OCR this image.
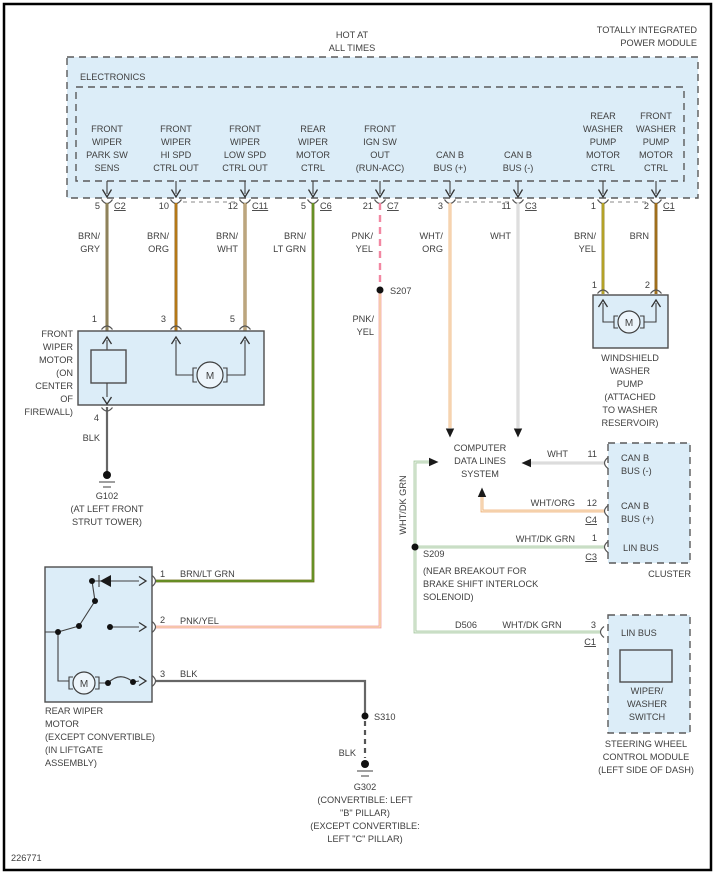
226771
HOT AT
ALL TIMES
TOTALLY INTEGRATED
POWER MODULE
ELECTRONICS
FRONT
WIPER
PARK SW
SENS
FRONT
WIPER
HI SPD
CTRL OUT
FRONT
WIPER
LOW SPD
CTRL OUT
REAR
WIPER
MOTOR
CTRL
FRONT
IGN SW
OUT
(RUN-ACC)
CAN B
BUS (+)
CAN B
BUS (-)
REAR
WASHER
PUMP
MOTOR
CTRL
FRONT
WASHER
PUMP
MOTOR
CTRL
5 C2	10	12 C11	5 C6	21 C7	3	11 C3	1	2 C1
BRN/
GRY
BRN/
ORG
BRN/
WHT
BRN/
LT GRN
PNK/
YEL
WHT/
ORG
WHT	BRN/
YEL
BRN
1	3	5
M
4
FRONT
WIPER
MOTOR
(ON
CENTER
OF
FIREWALL)
BLK
G102
(AT LEFT FRONT
STRUT TOWER)
1	2
M
WINDSHIELD
WASHER
PUMP
(ATTACHED
TO WASHER
RESERVOIR)
S207
PNK/
YEL
COMPUTER
DATA LINES
SYSTEM
WHT/DK GRN
WHT 11	CAN B
BUS (-)
WHT/ORG 12
C4
CAN B
BUS (+)
WHT/DK GRN 1
C3
LIN BUS
CLUSTER
S209
(NEAR BREAKOUT FOR
BRAKE SHIFT INTERLOCK
SOLENOID)
D506	WHT/DK GRN	3
C1
LIN BUS
WIPER/
WASHER
SWITCH
STEERING WHEEL
CONTROL MODULE
(LEFT SIDE OF DASH)
1
2
3
BRN/LT GRN
PNK/YEL
BLK
M
REAR WIPER
MOTOR
(EXCEPT CONVERTIBLE)
(IN LIFTGATE
ASSEMBLY)
S310
BLK
G302
(CONVERTIBLE: LEFT
"B" PILLAR)
(EXCEPT CONVERTIBLE:
LEFT "C" PILLAR)
